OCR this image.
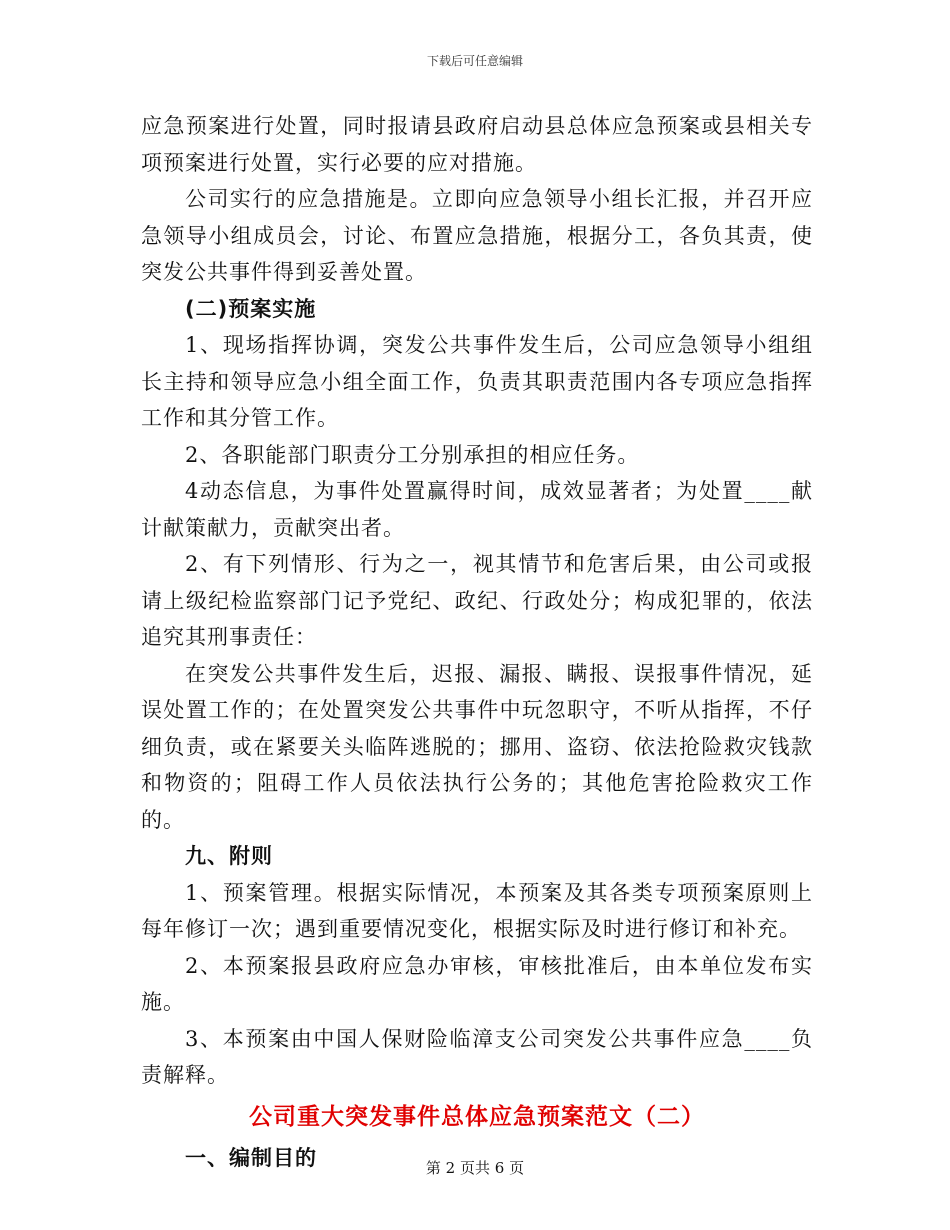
下载后可任意编辑

应急预案进行处置，同时报请县政府启动县总体应急预案或县相关专项预案进行处置，实行必要的应对措施。

公司实行的应急措施是。立即向应急领导小组长汇报，并召开应急领导小组成员会，讨论、布置应急措施，根据分工，各负其责，使突发公共事件得到妥善处置。

(二)预案实施

1、现场指挥协调，突发公共事件发生后，公司应急领导小组组长主持和领导应急小组全面工作，负责其职责范围内各专项应急指挥工作和其分管工作。

2、各职能部门职责分工分别承担的相应任务。

4动态信息，为事件处置赢得时间，成效显著者；为处置____献计献策献力，贡献突出者。

2、有下列情形、行为之一，视其情节和危害后果，由公司或报请上级纪检监察部门记予党纪、政纪、行政处分；构成犯罪的，依法追究其刑事责任：

在突发公共事件发生后，迟报、漏报、瞒报、误报事件情况，延误处置工作的；在处置突发公共事件中玩忽职守，不听从指挥，不仔细负责，或在紧要关头临阵逃脱的；挪用、盗窃、依法抢险救灾钱款和物资的；阻碍工作人员依法执行公务的；其他危害抢险救灾工作的。

九、附则

1、预案管理。根据实际情况，本预案及其各类专项预案原则上每年修订一次；遇到重要情况变化，根据实际及时进行修订和补充。

2、本预案报县政府应急办审核，审核批准后，由本单位发布实施。

3、本预案由中国人保财险临漳支公司突发公共事件应急____负责解释。

公司重大突发事件总体应急预案范文（二）

一、编制目的	第 2 页共 6 页
